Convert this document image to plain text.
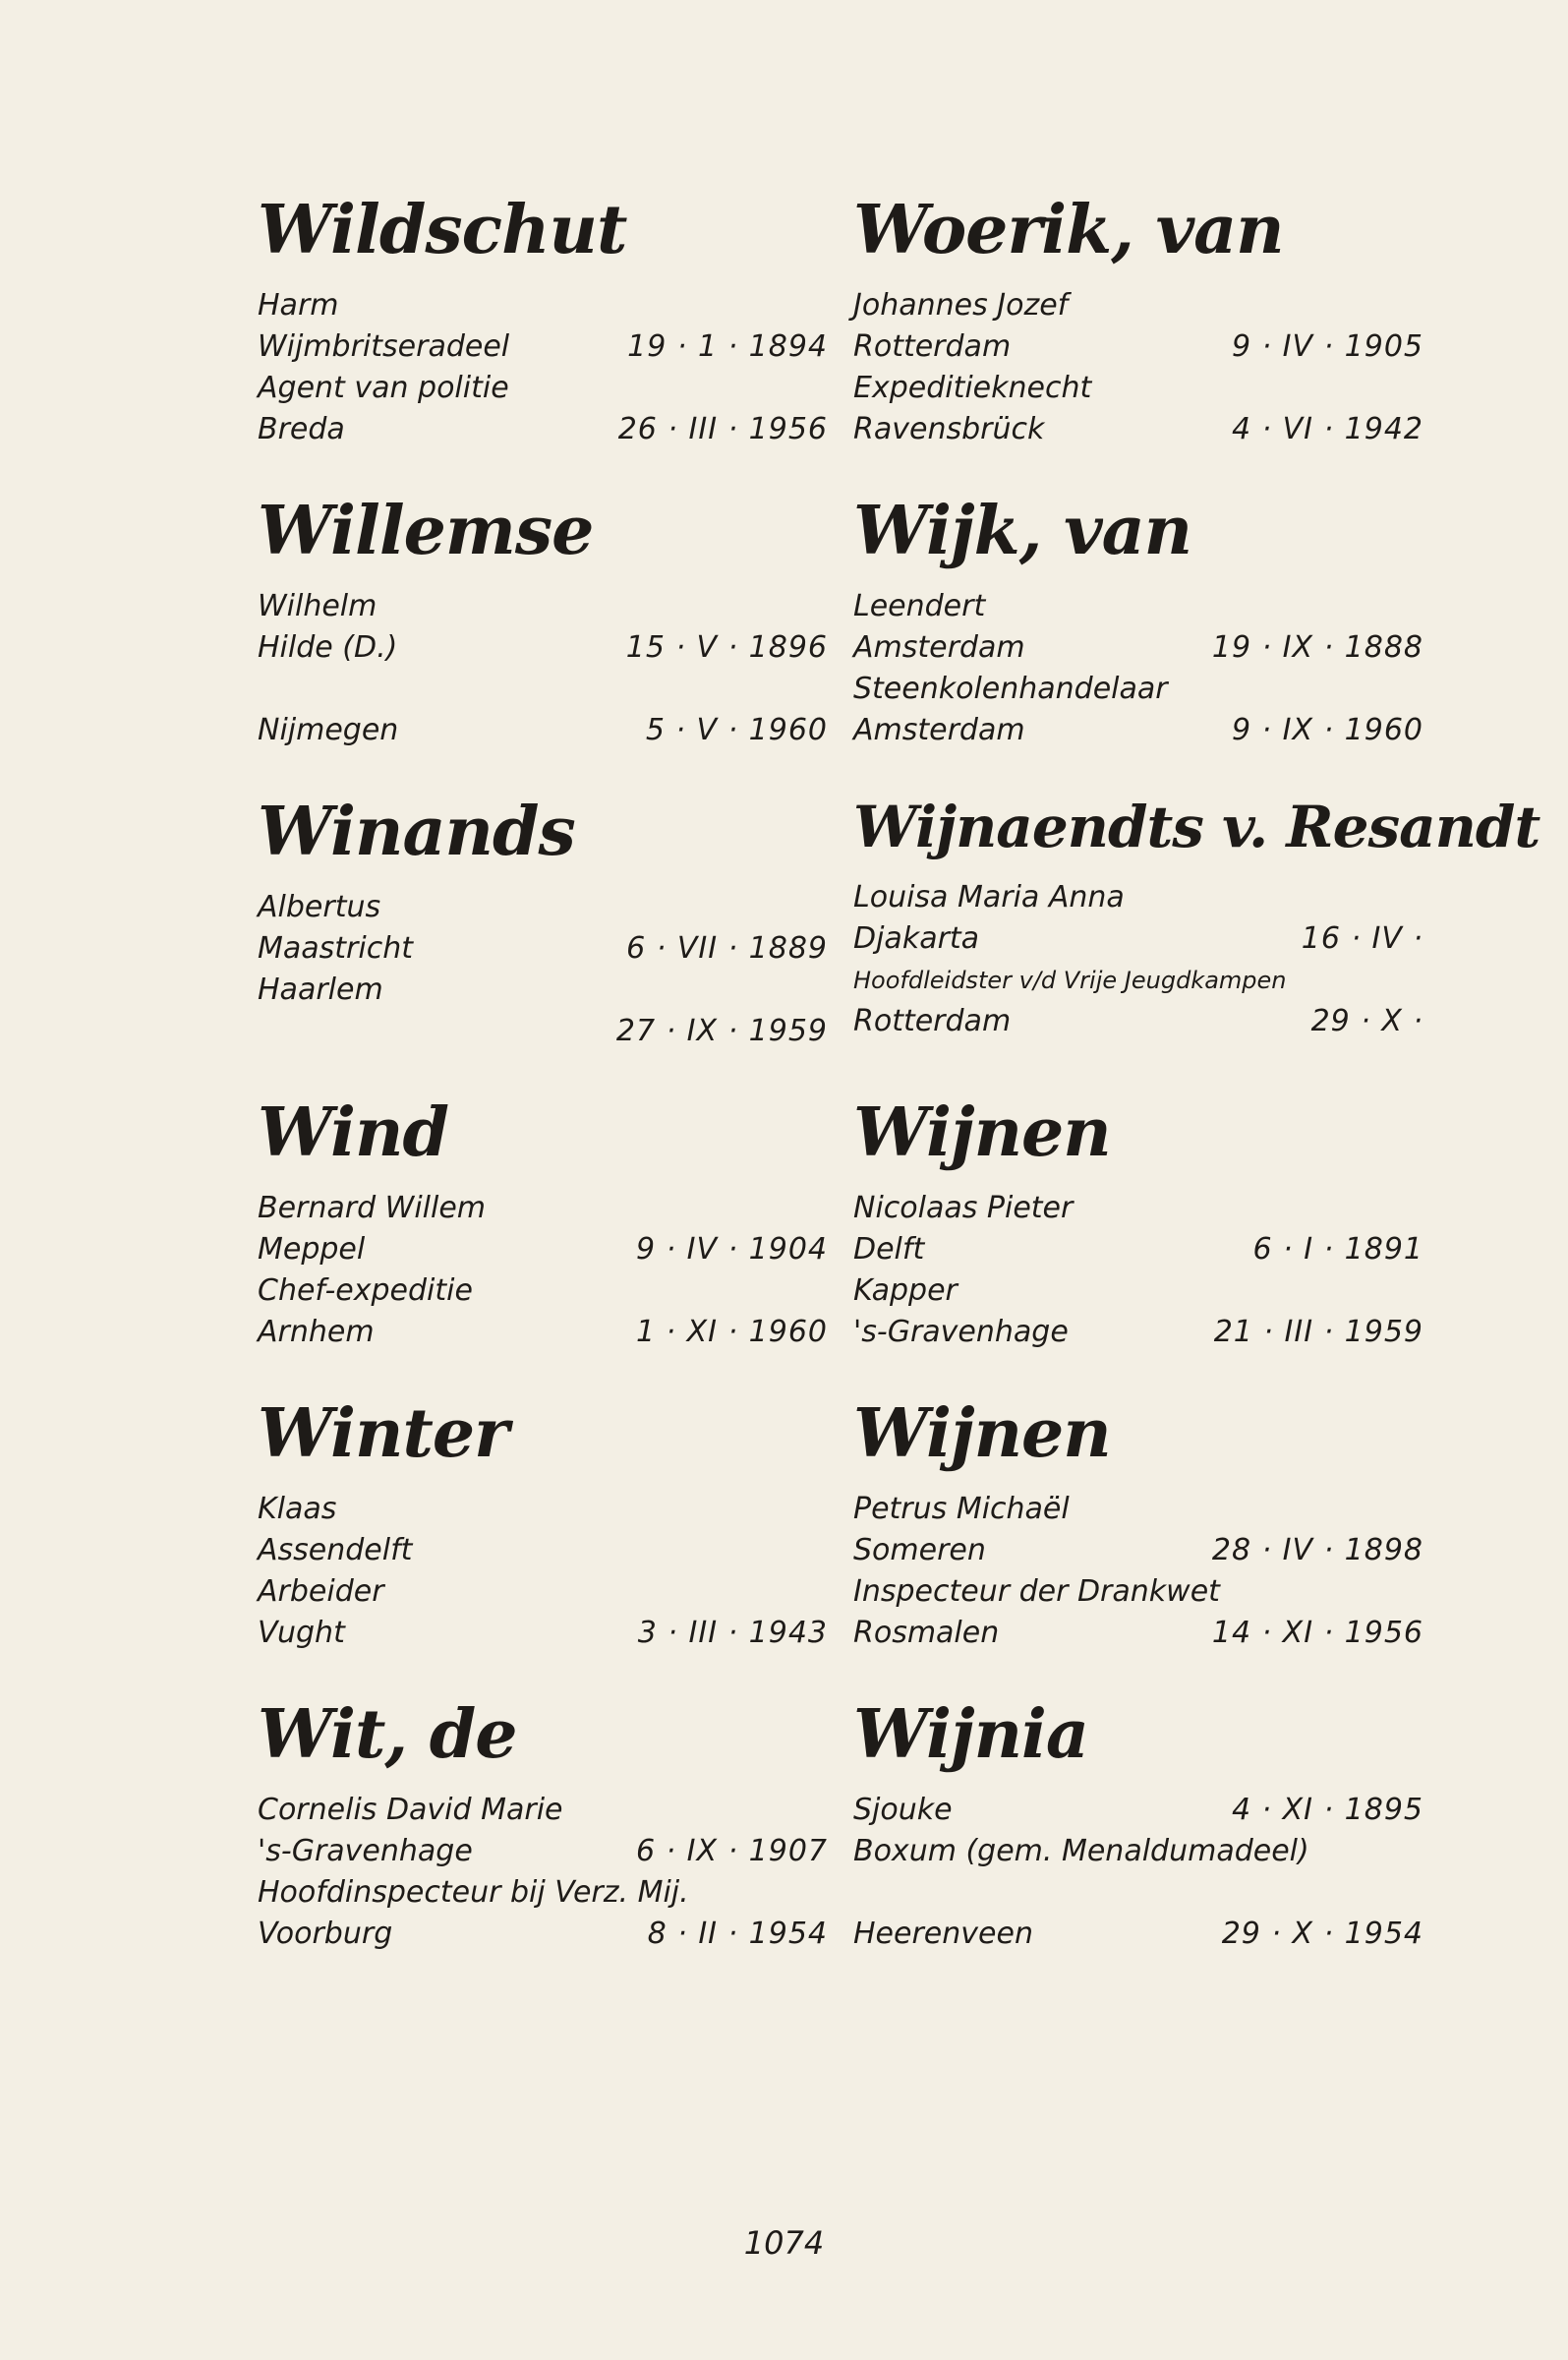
Wildschut
Harm
Wijmbritseradeel	19 · 1 · 1894
Agent van politie
Breda	26 · III · 1956
Willemse
Wilhelm
Hilde (D.)	15 · V · 1896
Nijmegen	5 · V · 1960
Winands
Albertus
Maastricht	6 · VII · 1889
Haarlem
27 · IX · 1959
Wind
Bernard Willem
Meppel	9 · IV · 1904
Chef-expeditie
Arnhem	1 · XI · 1960
Winter
Klaas
Assendelft
Arbeider
Vught	3 · III · 1943
Wit, de
Cornelis David Marie
's-Gravenhage	6 · IX · 1907
Hoofdinspecteur bij Verz. Mij.
Voorburg	8 · II · 1954
Woerik, van
Johannes Jozef
Rotterdam	9 · IV · 1905
Expeditieknecht
Ravensbrück	4 · VI · 1942
Wijk, van
Leendert
Amsterdam	19 · IX · 1888
Steenkolenhandelaar
Amsterdam	9 · IX · 1960
Wijnaendts v. Resandt
Louisa Maria Anna
Djakarta	16 · IV ·
Hoofdleidster v/d Vrije Jeugdkampen
Rotterdam	29 · X ·
Wijnen
Nicolaas Pieter
Delft	6 · I · 1891
Kapper
's-Gravenhage	21 · III · 1959
Wijnen
Petrus Michaël
Someren	28 · IV · 1898
Inspecteur der Drankwet
Rosmalen	14 · XI · 1956
Wijnia
Sjouke	4 · XI · 1895
Boxum (gem. Menaldumadeel)
Heerenveen	29 · X · 1954
1074
